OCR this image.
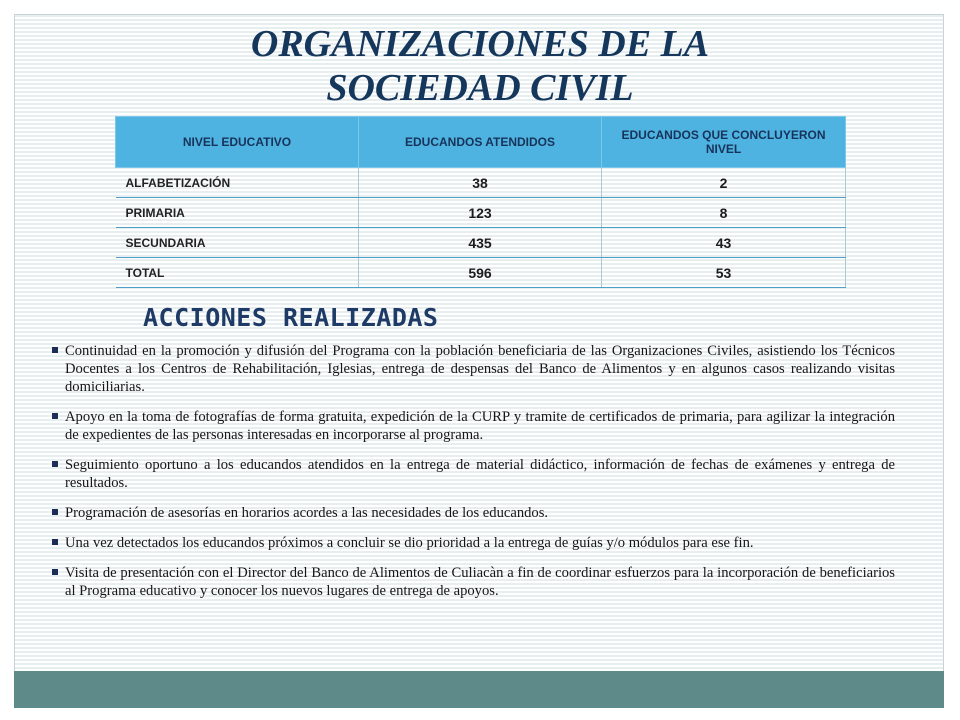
ORGANIZACIONES DE LA
SOCIEDAD CIVIL
NIVEL EDUCATIVO	EDUCANDOS ATENDIDOS	EDUCANDOS QUE CONCLUYERON NIVEL
ALFABETIZACIÓN	38	2
PRIMARIA	123	8
SECUNDARIA	435	43
TOTAL	596	53
ACCIONES REALIZADAS
Continuidad en la promoción y difusión del Programa con la población beneficiaria de las Organizaciones Civiles, asistiendo los Técnicos Docentes a los Centros de Rehabilitación, Iglesias, entrega de despensas del Banco de Alimentos y en algunos casos realizando visitas domiciliarias.
Apoyo en la toma de fotografías de forma gratuita, expedición de la CURP y tramite de certificados de primaria, para agilizar la integración de expedientes de las personas interesadas en incorporarse al programa.
Seguimiento oportuno a los educandos atendidos en la entrega de material didáctico, información de fechas de exámenes y entrega de resultados.
Programación de asesorías en horarios acordes a las necesidades de los educandos.
Una vez detectados los educandos próximos a concluir se dio prioridad a la entrega de guías y/o módulos para ese fin.
Visita de presentación con el Director del Banco de Alimentos de Culiacàn a fin de coordinar esfuerzos para la incorporación de beneficiarios al Programa educativo y conocer los nuevos lugares de entrega de apoyos.
